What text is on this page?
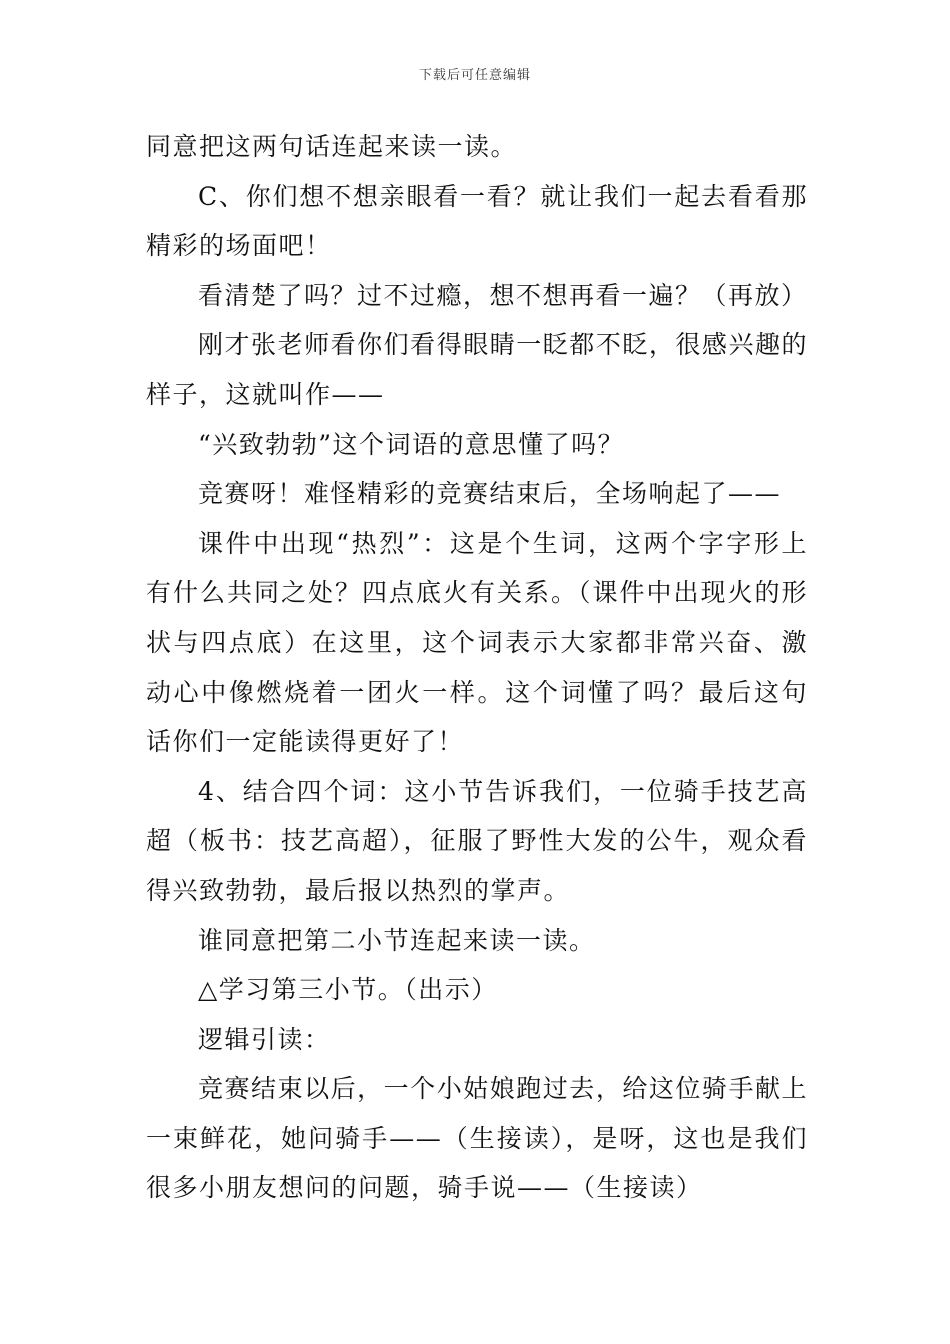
下载后可任意编辑

同意把这两句话连起来读一读。

C、你们想不想亲眼看一看？就让我们一起去看看那精彩的场面吧！

看清楚了吗？过不过瘾，想不想再看一遍？（再放）

刚才张老师看你们看得眼睛一眨都不眨，很感兴趣的样子，这就叫作——

“兴致勃勃”这个词语的意思懂了吗？

竞赛呀！难怪精彩的竞赛结束后，全场响起了——

课件中出现“热烈”：这是个生词，这两个字字形上有什么共同之处？四点底火有关系。（课件中出现火的形状与四点底）在这里，这个词表示大家都非常兴奋、激动心中像燃烧着一团火一样。这个词懂了吗？最后这句话你们一定能读得更好了！

4、结合四个词：这小节告诉我们，一位骑手技艺高超（板书：技艺高超），征服了野性大发的公牛，观众看得兴致勃勃，最后报以热烈的掌声。

谁同意把第二小节连起来读一读。

△学习第三小节。（出示）

逻辑引读：

竞赛结束以后，一个小姑娘跑过去，给这位骑手献上一束鲜花，她问骑手——（生接读），是呀，这也是我们很多小朋友想问的问题，骑手说——（生接读）
